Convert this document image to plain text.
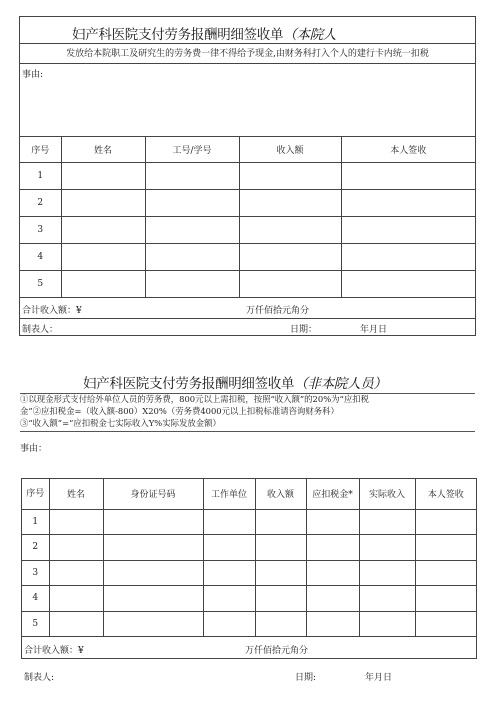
妇产科医院支付劳务报酬明细签收单（本院人
发放给本院职工及研究生的劳务费一律不得给予现金,由财务科打入个人的建行卡内统一扣税
事由:
序号	姓名	工号/学号	收入额	本人签收
1				
2				
3				
4				
5				
合计收入额：¥	万仟佰拾元角分
制表人：	日期：	年月日
妇产科医院支付劳务报酬明细签收单（非本院人员）
①以现金形式支付给外单位人员的劳务费，800元以上需扣税，按照“收入额”的20%为“应扣税
金”②应扣税金=（收入额-800）X20%（劳务费4000元以上扣税标准请咨询财务科）
③“收入额”=”应扣税金七实际收入Y%实际发放金额）
事由：
序号	姓名	身份证号码	工作单位	收入额	应扣税金*	实际收入	本人签收
1							
2							
3							
4							
5							
合计收入额：¥	万仟佰拾元角分
制表人:	日期:	年月日
